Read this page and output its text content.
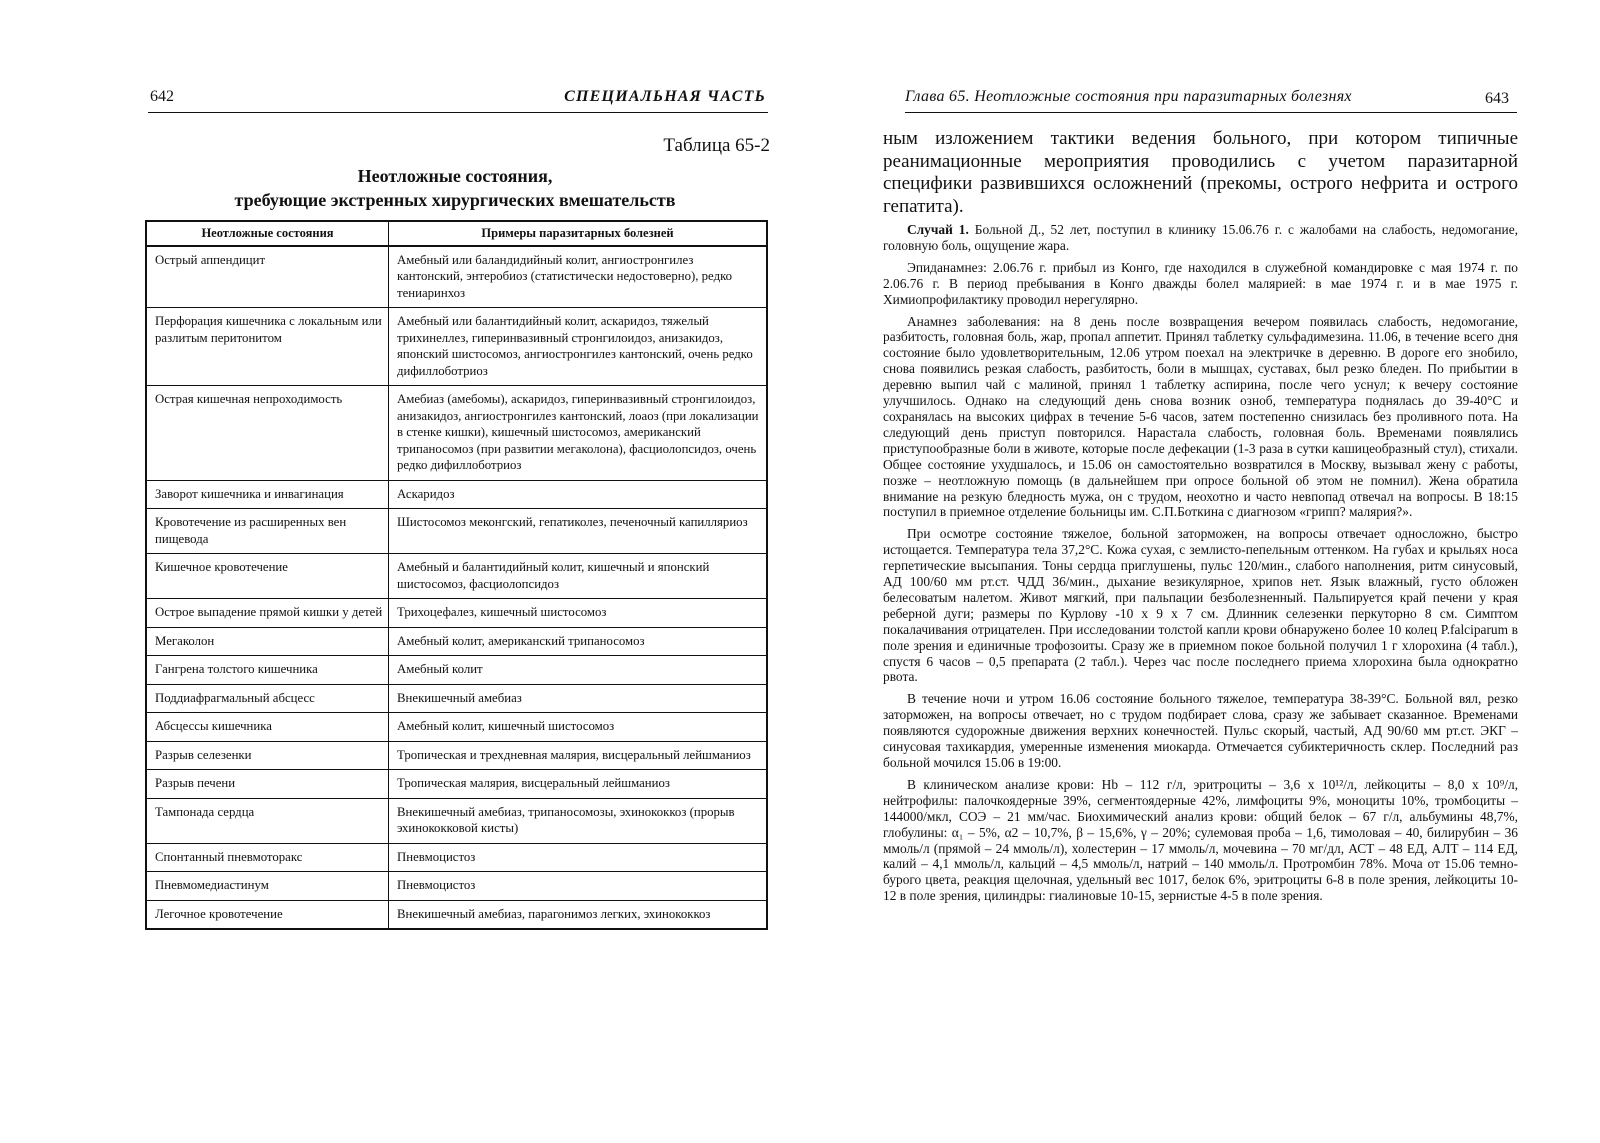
642	СПЕЦИАЛЬНАЯ ЧАСТЬ
Таблица 65-2
Неотложные состояния,
требующие экстренных хирургических вмешательств
Неотложные состояния	Примеры паразитарных болезней
Острый аппендицит	Амебный или баландидийный колит, ангиостронгилез кантонский, энтеробиоз (статистически недостоверно), редко тениаринхоз
Перфорация кишечника с локальным или разлитым перитонитом	Амебный или балантидийный колит, аскаридоз, тяжелый трихинеллез, гиперинвазивный стронгилоидоз, анизакидоз, японский шистосомоз, ангиостронгилез кантонский, очень редко дифиллоботриоз
Острая кишечная непроходимость	Амебиаз (амебомы), аскаридоз, гиперинвазивный стронгилоидоз, анизакидоз, ангиостронгилез кантонский, лоаоз (при локализации в стенке кишки), кишечный шистосомоз, американский трипаносомоз (при развитии мегаколона), фасциолопсидоз, очень редко дифиллоботриоз
Заворот кишечника и инвагинация	Аскаридоз
Кровотечение из расширенных вен пищевода	Шистосомоз меконгский, гепатиколез, печеночный капилляриоз
Кишечное кровотечение	Амебный и балантидийный колит, кишечный и японский шистосомоз, фасциолопсидоз
Острое выпадение прямой кишки у детей	Трихоцефалез, кишечный шистосомоз
Мегаколон	Амебный колит, американский трипаносомоз
Гангрена толстого кишечника	Амебный колит
Поддиафрагмальный абсцесс	Внекишечный амебиаз
Абсцессы кишечника	Амебный колит, кишечный шистосомоз
Разрыв селезенки	Тропическая и трехдневная малярия, висцеральный лейшманиоз
Разрыв печени	Тропическая малярия, висцеральный лейшманиоз
Тампонада сердца	Внекишечный амебиаз, трипаносомозы, эхинококкоз (прорыв эхинококковой кисты)
Спонтанный пневмоторакс	Пневмоцистоз
Пневмомедиастинум	Пневмоцистоз
Легочное кровотечение	Внекишечный амебиаз, парагонимоз легких, эхинококкоз
Глава 65. Неотложные состояния при паразитарных болезнях	643

ным изложением тактики ведения больного, при котором типичные реанимационные мероприятия проводились с учетом паразитарной специфики развившихся осложнений (прекомы, острого нефрита и острого гепатита).

Случай 1. Больной Д., 52 лет, поступил в клинику 15.06.76 г. с жалобами на слабость, недомогание, головную боль, ощущение жара.

Эпиданамнез: 2.06.76 г. прибыл из Конго, где находился в служебной командировке с мая 1974 г. по 2.06.76 г. В период пребывания в Конго дважды болел малярией: в мае 1974 г. и в мае 1975 г. Химиопрофилактику проводил нерегулярно.

Анамнез заболевания: на 8 день после возвращения вечером появилась слабость, недомогание, разбитость, головная боль, жар, пропал аппетит. Принял таблетку сульфадимезина. 11.06, в течение всего дня состояние было удовлетворительным, 12.06 утром поехал на электричке в деревню. В дороге его знобило, снова появились резкая слабость, разбитость, боли в мышцах, суставах, был резко бледен. По прибытии в деревню выпил чай с малиной, принял 1 таблетку аспирина, после чего уснул; к вечеру состояние улучшилось. Однако на следующий день снова возник озноб, температура поднялась до 39-40°С и сохранялась на высоких цифрах в течение 5-6 часов, затем постепенно снизилась без проливного пота. На следующий день приступ повторился. Нарастала слабость, головная боль. Временами появлялись приступообразные боли в животе, которые после дефекации (1-3 раза в сутки кашицеобразный стул), стихали. Общее состояние ухудшалось, и 15.06 он самостоятельно возвратился в Москву, вызывал жену с работы, позже – неотложную помощь (в дальнейшем при опросе больной об этом не помнил). Жена обратила внимание на резкую бледность мужа, он с трудом, неохотно и часто невпопад отвечал на вопросы. В 18:15 поступил в приемное отделение больницы им. С.П.Боткина с диагнозом «грипп? малярия?».

При осмотре состояние тяжелое, больной заторможен, на вопросы отвечает односложно, быстро истощается. Температура тела 37,2°С. Кожа сухая, с землисто-пепельным оттенком. На губах и крыльях носа герпетические высыпания. Тоны сердца приглушены, пульс 120/мин., слабого наполнения, ритм синусовый, АД 100/60 мм рт.ст. ЧДД 36/мин., дыхание везикулярное, хрипов нет. Язык влажный, густо обложен белесоватым налетом. Живот мягкий, при пальпации безболезненный. Пальпируется край печени у края реберной дуги; размеры по Курлову -10 х 9 х 7 см. Длинник селезенки перкуторно 8 см. Симптом покалачивания отрицателен. При исследовании толстой капли крови обнаружено более 10 колец P.falciparum в поле зрения и единичные трофозоиты. Сразу же в приемном покое больной получил 1 г хлорохина (4 табл.), спустя 6 часов – 0,5 препарата (2 табл.). Через час после последнего приема хлорохина была однократно рвота.

В течение ночи и утром 16.06 состояние больного тяжелое, температура 38-39°С. Больной вял, резко заторможен, на вопросы отвечает, но с трудом подбирает слова, сразу же забывает сказанное. Временами появляются судорожные движения верхних конечностей. Пульс скорый, частый, АД 90/60 мм рт.ст. ЭКГ – синусовая тахикардия, умеренные изменения миокарда. Отмечается субиктеричность склер. Последний раз больной мочился 15.06 в 19:00.

В клиническом анализе крови: Hb – 112 г/л, эритроциты – 3,6 х 10¹²/л, лейкоциты – 8,0 х 10⁹/л, нейтрофилы: палочкоядерные 39%, сегментоядерные 42%, лимфоциты 9%, моноциты 10%, тромбоциты – 144000/мкл, СОЭ – 21 мм/час. Биохимический анализ крови: общий белок – 67 г/л, альбумины 48,7%, глобулины: α₁ – 5%, α2 – 10,7%, β – 15,6%, γ – 20%; сулемовая проба – 1,6, тимоловая – 40, билирубин – 36 ммоль/л (прямой – 24 ммоль/л), холестерин – 17 ммоль/л, мочевина – 70 мг/дл, АСТ – 48 ЕД, АЛТ – 114 ЕД, калий – 4,1 ммоль/л, кальций – 4,5 ммоль/л, натрий – 140 ммоль/л. Протромбин 78%. Моча от 15.06 темно-бурого цвета, реакция щелочная, удельный вес 1017, белок 6%, эритроциты 6-8 в поле зрения, лейкоциты 10-12 в поле зрения, цилиндры: гиалиновые 10-15, зернистые 4-5 в поле зрения.
